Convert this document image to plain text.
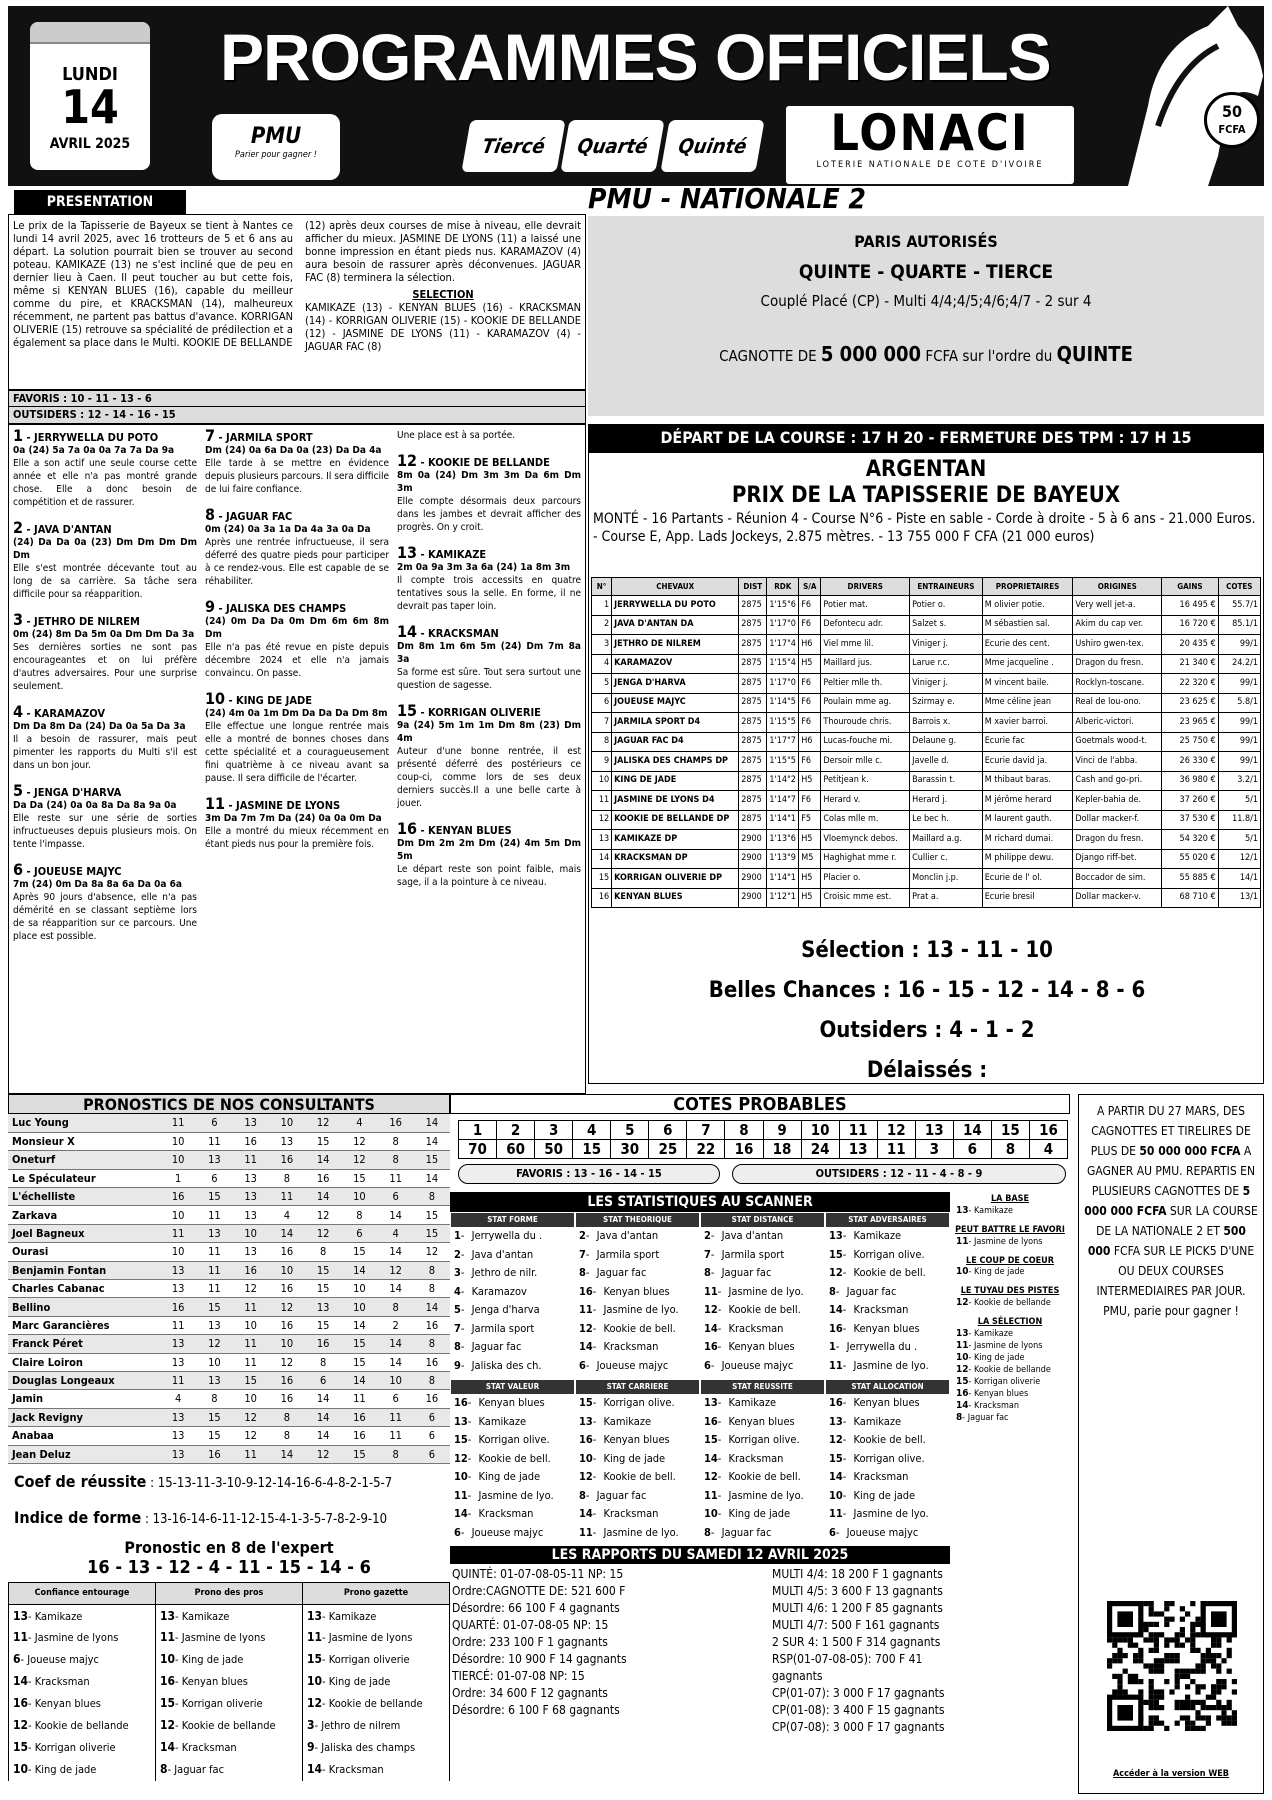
LUNDI
14
AVRIL 2025
PROGRAMMES OFFICIELS
PMU
Parier pour gagner !	Tiercé	Quarté	Quinté	LONACI
LOTERIE NATIONALE DE COTE D'IVOIRE
50
FCFA
PRESENTATION
Le prix de la Tapisserie de Bayeux se tient à Nantes ce lundi 14 avril 2025, avec 16 trotteurs de 5 et 6 ans au départ. La solution pourrait bien se trouver au second poteau. KAMIKAZE (13) ne s'est incliné que de peu en dernier lieu à Caen. Il peut toucher au but cette fois, même si KENYAN BLUES (16), capable du meilleur comme du pire, et KRACKSMAN (14), malheureux récemment, ne partent pas battus d'avance. KORRIGAN OLIVERIE (15) retrouve sa spécialité de prédilection et a également sa place dans le Multi. KOOKIE DE BELLANDE
(12) après deux courses de mise à niveau, elle devrait afficher du mieux. JASMINE DE LYONS (11) a laissé une bonne impression en étant pieds nus. KARAMAZOV (4) aura besoin de rassurer après déconvenues. JAGUAR FAC (8) terminera la sélection.
SELECTION
KAMIKAZE (13) - KENYAN BLUES (16) - KRACKSMAN (14) - KORRIGAN OLIVERIE (15) - KOOKIE DE BELLANDE (12) - JASMINE DE LYONS (11) - KARAMAZOV (4) - JAGUAR FAC (8)
FAVORIS : 10 - 11 - 13 - 6
OUTSIDERS : 12 - 14 - 16 - 15
1 - JERRYWELLA DU POTO
0a (24) 5a 7a 0a 0a 7a 7a Da 9a
Elle a son actif une seule course cette année et elle n'a pas montré grande chose. Elle a donc besoin de compétition et de rassurer.
2 - JAVA D'ANTAN
(24) Da Da 0a (23) Dm Dm Dm Dm Dm
Elle s'est montrée décevante tout au long de sa carrière. Sa tâche sera difficile pour sa réapparition.
3 - JETHRO DE NILREM
0m (24) 8m Da 5m 0a Dm Dm Da 3a
Ses dernières sorties ne sont pas encourageantes et on lui préfère d'autres adversaires. Pour une surprise seulement.
4 - KARAMAZOV
Dm Da 8m Da (24) Da 0a 5a Da 3a
Il a besoin de rassurer, mais peut pimenter les rapports du Multi s'il est dans un bon jour.
5 - JENGA D'HARVA
Da Da (24) 0a 0a 8a Da 8a 9a 0a
Elle reste sur une série de sorties infructueuses depuis plusieurs mois. On tente l'impasse.
6 - JOUEUSE MAJYC
7m (24) 0m Da 8a 8a 6a Da 0a 6a
Après 90 jours d'absence, elle n'a pas démérité en se classant septième lors de sa réapparition sur ce parcours. Une place est possible.
7 - JARMILA SPORT
Dm (24) 0a 6a Da 0a (23) Da Da 4a
Elle tarde à se mettre en évidence depuis plusieurs parcours. Il sera difficile de lui faire confiance.
8 - JAGUAR FAC
0m (24) 0a 3a 1a Da 4a 3a 0a Da
Après une rentrée infructueuse, il sera déferré des quatre pieds pour participer à ce rendez-vous. Elle est capable de se réhabiliter.
9 - JALISKA DES CHAMPS
(24) 0m Da Da 0m Dm 6m 6m 8m Dm
Elle n'a pas été revue en piste depuis décembre 2024 et elle n'a jamais convaincu. On passe.
10 - KING DE JADE
(24) 4m 0a 1m Dm Da Da Da Dm 8m
Elle effectue une longue rentrée mais elle a montré de bonnes choses dans cette spécialité et a couragueusement fini quatrième à ce niveau avant sa pause. Il sera difficile de l'écarter.
11 - JASMINE DE LYONS
3m Da 7m 7m Da (24) 0a 0a 0m Da
Elle a montré du mieux récemment en étant pieds nus pour la première fois.
Une place est à sa portée.
12 - KOOKIE DE BELLANDE
8m 0a (24) Dm 3m 3m Da 6m Dm 3m
Elle compte désormais deux parcours dans les jambes et devrait afficher des progrès. On y croit.
13 - KAMIKAZE
2m 0a 9a 3m 3a 6a (24) 1a 8m 3m
Il compte trois accessits en quatre tentatives sous la selle. En forme, il ne devrait pas taper loin.
14 - KRACKSMAN
Dm 8m 1m 6m 5m (24) Dm 7m 8a 3a
Sa forme est sûre. Tout sera surtout une question de sagesse.
15 - KORRIGAN OLIVERIE
9a (24) 5m 1m 1m Dm 8m (23) Dm 4m
Auteur d'une bonne rentrée, il est présenté déferré des postérieurs ce coup-ci, comme lors de ses deux derniers succès.Il a une belle carte à jouer.
16 - KENYAN BLUES
Dm Dm 2m 2m Dm (24) 4m 5m Dm 5m
Le départ reste son point faible, mais sage, il a la pointure à ce niveau.
PMU - NATIONALE 2
PARIS AUTORISÉS
QUINTE - QUARTE - TIERCE
Couplé Placé (CP) - Multi 4/4;4/5;4/6;4/7 - 2 sur 4
CAGNOTTE DE 5 000 000 FCFA sur l'ordre du QUINTE
DÉPART DE LA COURSE : 17 H 20 - FERMETURE DES TPM : 17 H 15
ARGENTAN
PRIX DE LA TAPISSERIE DE BAYEUX
MONTÉ - 16 Partants - Réunion 4 - Course N°6 - Piste en sable - Corde à droite - 5 à 6 ans - 21.000 Euros. - Course E, App. Lads Jockeys, 2.875 mètres. - 13 755 000 F CFA (21 000 euros)
N°	CHEVAUX	DIST	RDK	S/A	DRIVERS	ENTRAINEURS	PROPRIETAIRES	ORIGINES	GAINS	COTES
1	JERRYWELLA DU POTO	2875	1'15"6	F6	Potier mat.	Potier o.	M olivier potie.	Very well jet-a.	16 495 €	55.7/1
2	JAVA D'ANTAN DA	2875	1'17"0	F6	Defontecu adr.	Salzet s.	M sébastien sal.	Akim du cap ver.	16 720 €	85.1/1
3	JETHRO DE NILREM	2875	1'17"4	H6	Viel mme lil.	Viniger j.	Ecurie des cent.	Ushiro gwen-tex.	20 435 €	99/1
4	KARAMAZOV	2875	1'15"4	H5	Maillard jus.	Larue r.c.	Mme jacqueline .	Dragon du fresn.	21 340 €	24.2/1
5	JENGA D'HARVA	2875	1'17"0	F6	Peltier mlle th.	Viniger j.	M vincent baile.	Rocklyn-toscane.	22 320 €	99/1
6	JOUEUSE MAJYC	2875	1'14"5	F6	Poulain mme ag.	Szirmay e.	Mme céline jean	Real de lou-ono.	23 625 €	5.8/1
7	JARMILA SPORT D4	2875	1'15"5	F6	Thouroude chris.	Barrois x.	M xavier barroi.	Alberic-victori.	23 965 €	99/1
8	JAGUAR FAC D4	2875	1'17"7	H6	Lucas-fouche mi.	Delaune g.	Ecurie fac	Goetmals wood-t.	25 750 €	99/1
9	JALISKA DES CHAMPS DP	2875	1'15"5	F6	Dersoir mlle c.	Javelle d.	Ecurie david ja.	Vinci de l'abba.	26 330 €	99/1
10	KING DE JADE	2875	1'14"2	H5	Petitjean k.	Barassin t.	M thibaut baras.	Cash and go-pri.	36 980 €	3.2/1
11	JASMINE DE LYONS D4	2875	1'14"7	F6	Herard v.	Herard j.	M jérôme herard	Kepler-bahia de.	37 260 €	5/1
12	KOOKIE DE BELLANDE DP	2875	1'14"1	F5	Colas mlle m.	Le bec h.	M laurent gauth.	Dollar macker-f.	37 530 €	11.8/1
13	KAMIKAZE DP	2900	1'13"6	H5	Vloemynck debos.	Maillard a.g.	M richard dumai.	Dragon du fresn.	54 320 €	5/1
14	KRACKSMAN DP	2900	1'13"9	M5	Haghighat mme r.	Cullier c.	M philippe dewu.	Django riff-bet.	55 020 €	12/1
15	KORRIGAN OLIVERIE DP	2900	1'14"1	H5	Placier o.	Monclin j.p.	Ecurie de l' ol.	Boccador de sim.	55 885 €	14/1
16	KENYAN BLUES	2900	1'12"1	H5	Croisic mme est.	Prat a.	Ecurie bresil	Dollar macker-v.	68 710 €	13/1
Sélection : 13 - 11 - 10
Belles Chances : 16 - 15 - 12 - 14 - 8 - 6
Outsiders : 4 - 1 - 2
Délaissés :
PRONOSTICS DE NOS CONSULTANTS
Luc Young	11	6	13	10	12	4	16	14
Monsieur X	10	11	16	13	15	12	8	14
Oneturf	10	13	11	16	14	12	8	15
Le Spéculateur	1	6	13	8	16	15	11	14
L'échelliste	16	15	13	11	14	10	6	8
Zarkava	10	11	13	4	12	8	14	15
Joel Bagneux	11	13	10	14	12	6	4	15
Ourasi	10	11	13	16	8	15	14	12
Benjamin Fontan	13	11	16	10	15	14	12	8
Charles Cabanac	13	11	12	16	15	10	14	8
Bellino	16	15	11	12	13	10	8	14
Marc Garancières	11	13	10	16	15	14	2	16
Franck Péret	13	12	11	10	16	15	14	8
Claire Loiron	13	10	11	12	8	15	14	16
Douglas Longeaux	11	13	15	16	6	14	10	8
Jamin	4	8	10	16	14	11	6	16
Jack Revigny	13	15	12	8	14	16	11	6
Anabaa	13	15	12	8	14	16	11	6
Jean Deluz	13	16	11	14	12	15	8	6
Coef de réussite : 15-13-11-3-10-9-12-14-16-6-4-8-2-1-5-7
Indice de forme : 13-16-14-6-11-12-15-4-1-3-5-7-8-2-9-10
Pronostic en 8 de l'expert
16 - 13 - 12 - 4 - 11 - 15 - 14 - 6
Confiance entourage	Prono des pros	Prono gazette
13- Kamikaze	13- Kamikaze	13- Kamikaze
11- Jasmine de lyons	11- Jasmine de lyons	11- Jasmine de lyons
6- Joueuse majyc	10- King de jade	15- Korrigan oliverie
14- Kracksman	16- Kenyan blues	10- King de jade
16- Kenyan blues	15- Korrigan oliverie	12- Kookie de bellande
12- Kookie de bellande	12- Kookie de bellande	3- Jethro de nilrem
15- Korrigan oliverie	14- Kracksman	9- Jaliska des champs
10- King de jade	8- Jaguar fac	14- Kracksman
COTES PROBABLES
1	2	3	4	5	6	7	8	9	10	11	12	13	14	15	16
70	60	50	15	30	25	22	16	18	24	13	11	3	6	8	4
FAVORIS : 13 - 16 - 14 - 15	OUTSIDERS : 12 - 11 - 4 - 8 - 9
LES STATISTIQUES AU SCANNER
STAT FORME	STAT THEORIQUE	STAT DISTANCE	STAT ADVERSAIRES
1- Jerrywella du .	2- Java d'antan	2- Java d'antan	13- Kamikaze
2- Java d'antan	7- Jarmila sport	7- Jarmila sport	15- Korrigan olive.
3- Jethro de nilr.	8- Jaguar fac	8- Jaguar fac	12- Kookie de bell.
4- Karamazov	16- Kenyan blues	11- Jasmine de lyo.	8- Jaguar fac
5- Jenga d'harva	11- Jasmine de lyo.	12- Kookie de bell.	14- Kracksman
7- Jarmila sport	12- Kookie de bell.	14- Kracksman	16- Kenyan blues
8- Jaguar fac	14- Kracksman	16- Kenyan blues	1- Jerrywella du .
9- Jaliska des ch.	6- Joueuse majyc	6- Joueuse majyc	11- Jasmine de lyo.
STAT VALEUR	STAT CARRIERE	STAT REUSSITE	STAT ALLOCATION
16- Kenyan blues	15- Korrigan olive.	13- Kamikaze	16- Kenyan blues
13- Kamikaze	13- Kamikaze	16- Kenyan blues	13- Kamikaze
15- Korrigan olive.	16- Kenyan blues	15- Korrigan olive.	12- Kookie de bell.
12- Kookie de bell.	10- King de jade	14- Kracksman	15- Korrigan olive.
10- King de jade	12- Kookie de bell.	12- Kookie de bell.	14- Kracksman
11- Jasmine de lyo.	8- Jaguar fac	11- Jasmine de lyo.	10- King de jade
14- Kracksman	14- Kracksman	10- King de jade	11- Jasmine de lyo.
6- Joueuse majyc	11- Jasmine de lyo.	8- Jaguar fac	6- Joueuse majyc
LA BASE
13- Kamikaze
PEUT BATTRE LE FAVORI
11- Jasmine de lyons
LE COUP DE COEUR
10- King de jade
LE TUYAU DES PISTES
12- Kookie de bellande
LA SÉLECTION
13- Kamikaze
11- Jasmine de lyons
10- King de jade
12- Kookie de bellande
15- Korrigan oliverie
16- Kenyan blues
14- Kracksman
8- Jaguar fac
LES RAPPORTS DU SAMEDI 12 AVRIL 2025
QUINTÉ: 01-07-08-05-11 NP: 15
Ordre:CAGNOTTE DE: 521 600 F
Désordre: 66 100 F 4 gagnants
QUARTÉ: 01-07-08-05 NP: 15
Ordre: 233 100 F 1 gagnants
Désordre: 10 900 F 14 gagnants
TIERCÉ: 01-07-08 NP: 15
Ordre: 34 600 F 12 gagnants
Désordre: 6 100 F 68 gagnants
MULTI 4/4: 18 200 F 1 gagnants
MULTI 4/5: 3 600 F 13 gagnants
MULTI 4/6: 1 200 F 85 gagnants
MULTI 4/7: 500 F 161 gagnants
2 SUR 4: 1 500 F 314 gagnants
RSP(01-07-08-05): 700 F 41 gagnants
CP(01-07): 3 000 F 17 gagnants
CP(01-08): 3 400 F 15 gagnants
CP(07-08): 3 000 F 17 gagnants
A PARTIR DU 27 MARS, DES CAGNOTTES ET TIRELIRES DE PLUS DE 50 000 000 FCFA A GAGNER AU PMU. REPARTIS EN PLUSIEURS CAGNOTTES DE 5 000 000 FCFA SUR LA COURSE DE LA NATIONALE 2 ET 500 000 FCFA SUR LE PICK5 D'UNE OU DEUX COURSES INTERMEDIAIRES PAR JOUR. PMU, parie pour gagner !
Accéder à la version WEB
